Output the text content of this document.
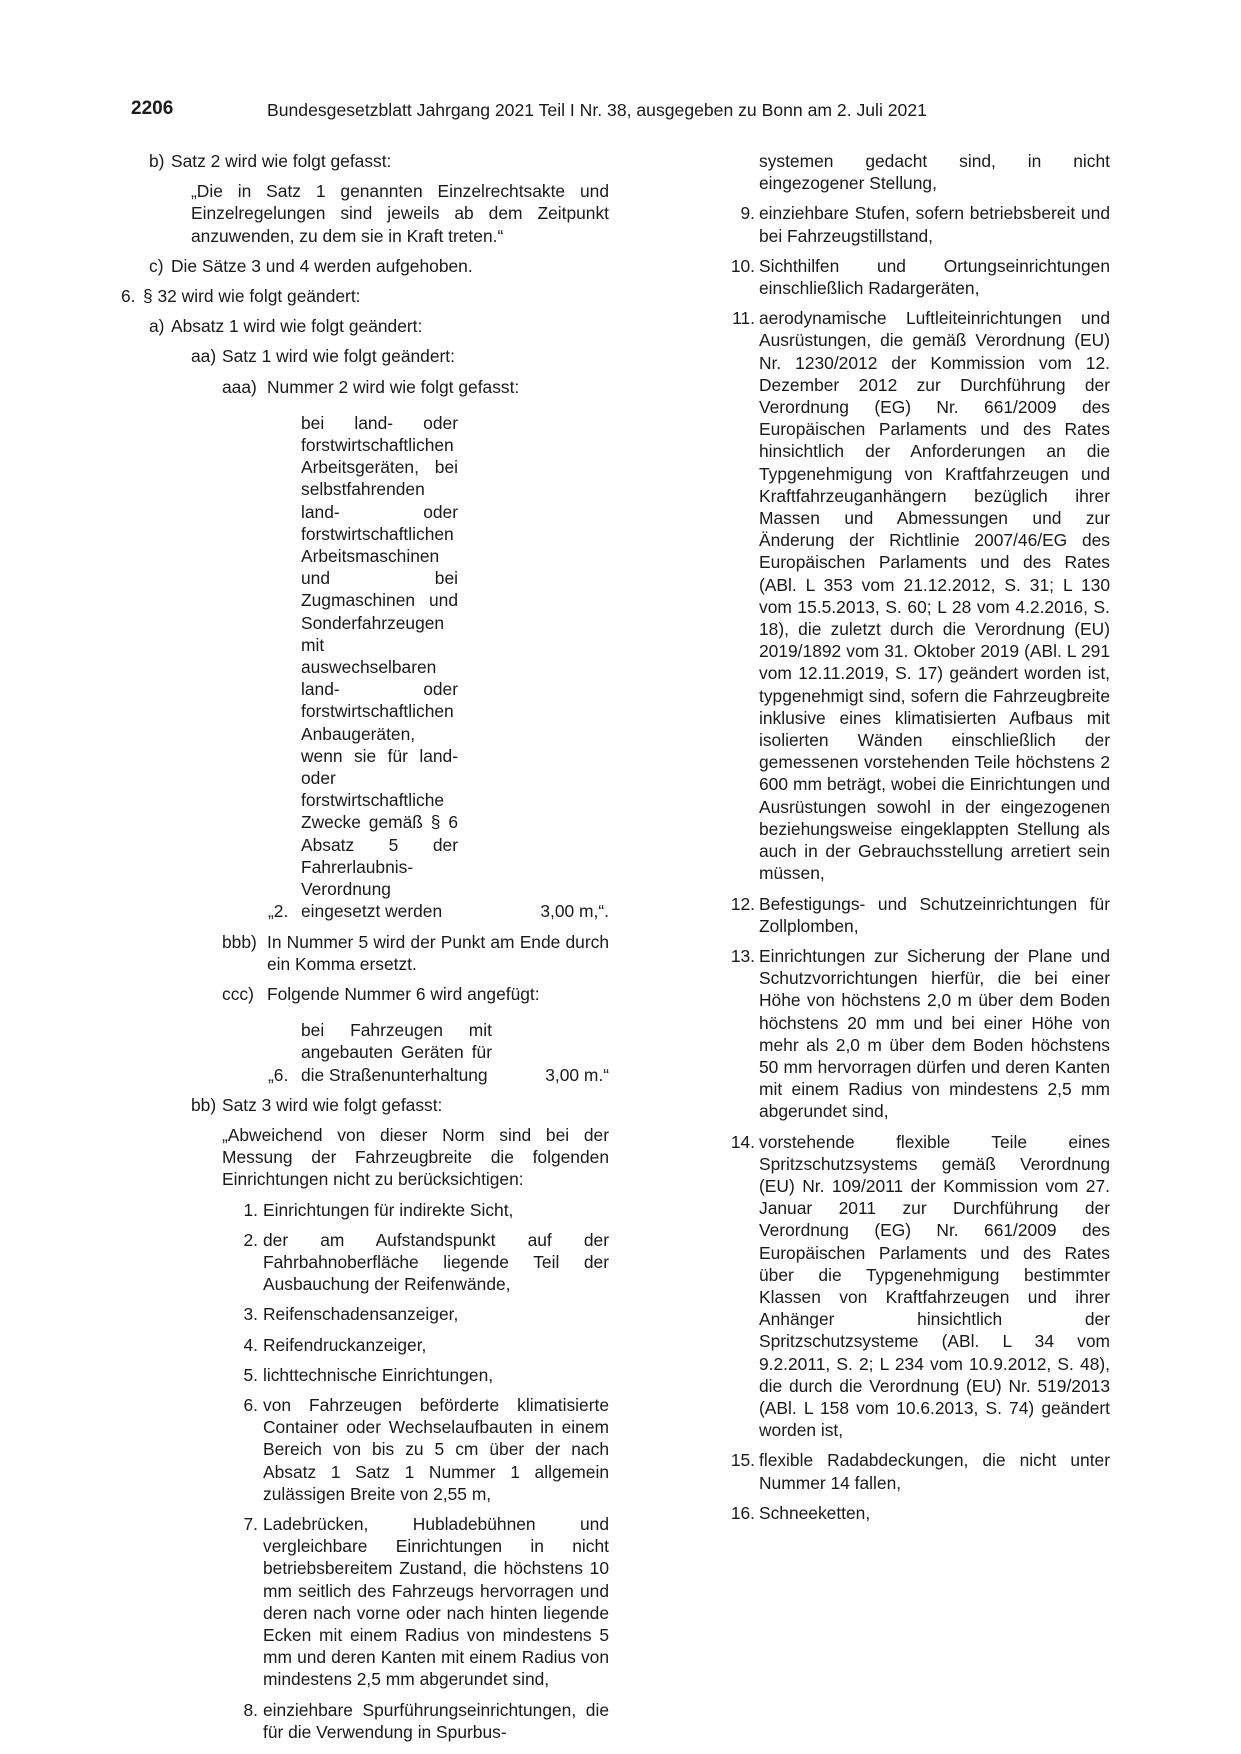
2206	Bundesgesetzblatt Jahrgang 2021 Teil I Nr. 38, ausgegeben zu Bonn am 2. Juli 2021
b) Satz 2 wird wie folgt gefasst:

„Die in Satz 1 genannten Einzelrechtsakte und Einzelregelungen sind jeweils ab dem Zeitpunkt anzuwenden, zu dem sie in Kraft treten.“

c) Die Sätze 3 und 4 werden aufgehoben.
6. § 32 wird wie folgt geändert:
a) Absatz 1 wird wie folgt geändert:
aa) Satz 1 wird wie folgt geändert:
aaa) Nummer 2 wird wie folgt gefasst:
„2.
bei land- oder forstwirtschaftlichen Arbeitsgeräten, bei selbstfahrenden land- oder forstwirtschaftlichen Arbeitsmaschinen und bei Zugmaschinen und Sonderfahrzeugen mit auswechselbaren land- oder forstwirtschaftlichen Anbaugeräten, wenn sie für land- oder forstwirtschaftliche Zwecke gemäß § 6 Absatz 5 der Fahrerlaubnis-Verordnung eingesetzt werden	3,00 m,“.
bbb) In Nummer 5 wird der Punkt am Ende durch ein Komma ersetzt.
ccc) Folgende Nummer 6 wird angefügt:
„6.
bei Fahrzeugen mit angebauten Geräten für die Straßenunterhaltung	3,00 m.“
bb) Satz 3 wird wie folgt gefasst:

„Abweichend von dieser Norm sind bei der Messung der Fahrzeugbreite die folgenden Einrichtungen nicht zu berücksichtigen:

1. Einrichtungen für indirekte Sicht,
2. der am Aufstandspunkt auf der Fahrbahnoberfläche liegende Teil der Ausbauchung der Reifenwände,
3. Reifenschadensanzeiger,
4. Reifendruckanzeiger,
5. lichttechnische Einrichtungen,
6. von Fahrzeugen beförderte klimatisierte Container oder Wechselaufbauten in einem Bereich von bis zu 5 cm über der nach Absatz 1 Satz 1 Nummer 1 allgemein zulässigen Breite von 2,55 m,
7. Ladebrücken, Hubladebühnen und vergleichbare Einrichtungen in nicht betriebsbereitem Zustand, die höchstens 10 mm seitlich des Fahrzeugs hervorragen und deren nach vorne oder nach hinten liegende Ecken mit einem Radius von mindestens 5 mm und deren Kanten mit einem Radius von mindestens 2,5 mm abgerundet sind,
8. einziehbare Spurführungseinrichtungen, die für die Verwendung in Spurbus-

systemen gedacht sind, in nicht eingezogener Stellung,

9. einziehbare Stufen, sofern betriebsbereit und bei Fahrzeugstillstand,
10. Sichthilfen und Ortungseinrichtungen einschließlich Radargeräten,
11. aerodynamische Luftleiteinrichtungen und Ausrüstungen, die gemäß Verordnung (EU) Nr. 1230/2012 der Kommission vom 12. Dezember 2012 zur Durchführung der Verordnung (EG) Nr. 661/2009 des Europäischen Parlaments und des Rates hinsichtlich der Anforderungen an die Typgenehmigung von Kraftfahrzeugen und Kraftfahrzeuganhängern bezüglich ihrer Massen und Abmessungen und zur Änderung der Richtlinie 2007/46/EG des Europäischen Parlaments und des Rates (ABl. L 353 vom 21.12.2012, S. 31; L 130 vom 15.5.2013, S. 60; L 28 vom 4.2.2016, S. 18), die zuletzt durch die Verordnung (EU) 2019/1892 vom 31. Oktober 2019 (ABl. L 291 vom 12.11.2019, S. 17) geändert worden ist, typgenehmigt sind, sofern die Fahrzeugbreite inklusive eines klimatisierten Aufbaus mit isolierten Wänden einschließlich der gemessenen vorstehenden Teile höchstens 2 600 mm beträgt, wobei die Einrichtungen und Ausrüstungen sowohl in der eingezogenen beziehungsweise eingeklappten Stellung als auch in der Gebrauchsstellung arretiert sein müssen,
12. Befestigungs- und Schutzeinrichtungen für Zollplomben,
13. Einrichtungen zur Sicherung der Plane und Schutzvorrichtungen hierfür, die bei einer Höhe von höchstens 2,0 m über dem Boden höchstens 20 mm und bei einer Höhe von mehr als 2,0 m über dem Boden höchstens 50 mm hervorragen dürfen und deren Kanten mit einem Radius von mindestens 2,5 mm abgerundet sind,
14. vorstehende flexible Teile eines Spritzschutzsystems gemäß Verordnung (EU) Nr. 109/2011 der Kommission vom 27. Januar 2011 zur Durchführung der Verordnung (EG) Nr. 661/2009 des Europäischen Parlaments und des Rates über die Typgenehmigung bestimmter Klassen von Kraftfahrzeugen und ihrer Anhänger hinsichtlich der Spritzschutzsysteme (ABl. L 34 vom 9.2.2011, S. 2; L 234 vom 10.9.2012, S. 48), die durch die Verordnung (EU) Nr. 519/2013 (ABl. L 158 vom 10.6.2013, S. 74) geändert worden ist,
15. flexible Radabdeckungen, die nicht unter Nummer 14 fallen,
16. Schneeketten,
